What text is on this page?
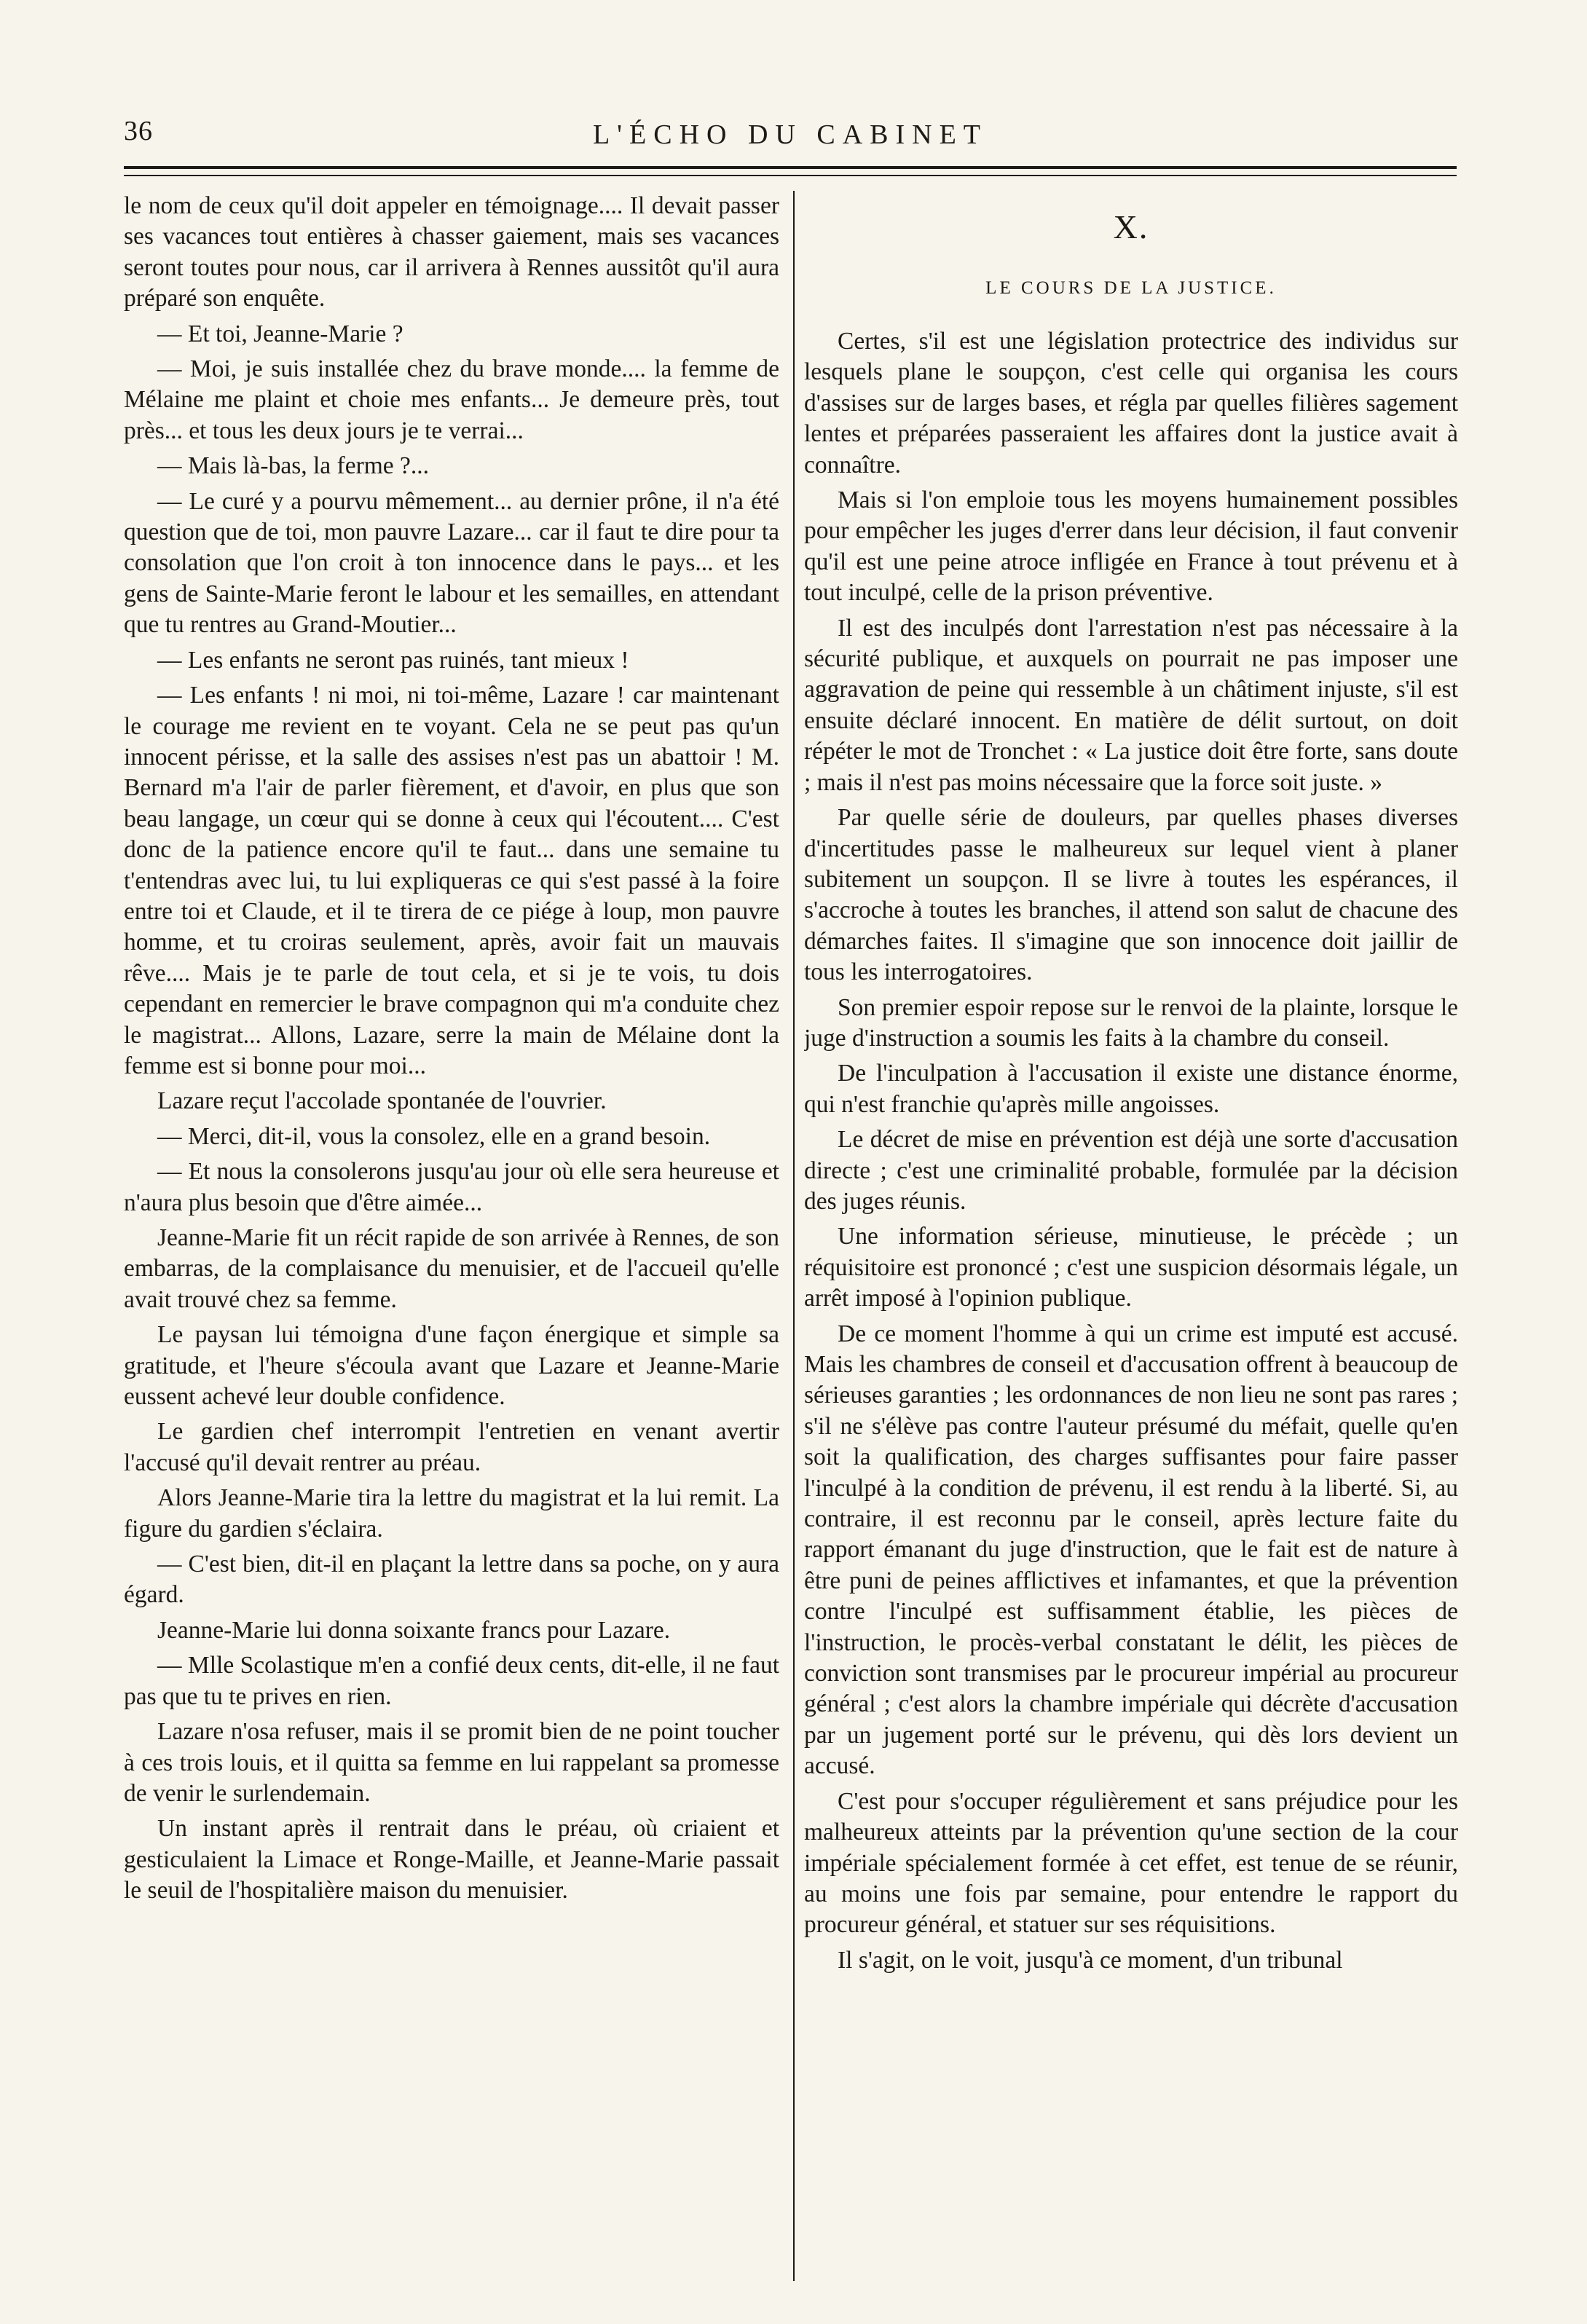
36	L'ÉCHO DU CABINET

le nom de ceux qu'il doit appeler en témoignage.... Il devait passer ses vacances tout entières à chasser gaiement, mais ses vacances seront toutes pour nous, car il arrivera à Rennes aussitôt qu'il aura préparé son enquête.

— Et toi, Jeanne-Marie ?

— Moi, je suis installée chez du brave monde.... la femme de Mélaine me plaint et choie mes enfants... Je demeure près, tout près... et tous les deux jours je te verrai...

— Mais là-bas, la ferme ?...

— Le curé y a pourvu mêmement... au dernier prône, il n'a été question que de toi, mon pauvre Lazare... car il faut te dire pour ta consolation que l'on croit à ton innocence dans le pays... et les gens de Sainte-Marie feront le labour et les semailles, en attendant que tu rentres au Grand-Moutier...

— Les enfants ne seront pas ruinés, tant mieux !

— Les enfants ! ni moi, ni toi-même, Lazare ! car maintenant le courage me revient en te voyant. Cela ne se peut pas qu'un innocent périsse, et la salle des assises n'est pas un abattoir ! M. Bernard m'a l'air de parler fièrement, et d'avoir, en plus que son beau langage, un cœur qui se donne à ceux qui l'écoutent.... C'est donc de la patience encore qu'il te faut... dans une semaine tu t'entendras avec lui, tu lui expliqueras ce qui s'est passé à la foire entre toi et Claude, et il te tirera de ce piége à loup, mon pauvre homme, et tu croiras seulement, après, avoir fait un mauvais rêve.... Mais je te parle de tout cela, et si je te vois, tu dois cependant en remercier le brave compagnon qui m'a conduite chez le magistrat... Allons, Lazare, serre la main de Mélaine dont la femme est si bonne pour moi...

Lazare reçut l'accolade spontanée de l'ouvrier.

— Merci, dit-il, vous la consolez, elle en a grand besoin.

— Et nous la consolerons jusqu'au jour où elle sera heureuse et n'aura plus besoin que d'être aimée...

Jeanne-Marie fit un récit rapide de son arrivée à Rennes, de son embarras, de la complaisance du menuisier, et de l'accueil qu'elle avait trouvé chez sa femme.

Le paysan lui témoigna d'une façon énergique et simple sa gratitude, et l'heure s'écoula avant que Lazare et Jeanne-Marie eussent achevé leur double confidence.

Le gardien chef interrompit l'entretien en venant avertir l'accusé qu'il devait rentrer au préau.

Alors Jeanne-Marie tira la lettre du magistrat et la lui remit. La figure du gardien s'éclaira.

— C'est bien, dit-il en plaçant la lettre dans sa poche, on y aura égard.

Jeanne-Marie lui donna soixante francs pour Lazare.

— Mlle Scolastique m'en a confié deux cents, dit-elle, il ne faut pas que tu te prives en rien.

Lazare n'osa refuser, mais il se promit bien de ne point toucher à ces trois louis, et il quitta sa femme en lui rappelant sa promesse de venir le surlendemain.

Un instant après il rentrait dans le préau, où criaient et gesticulaient la Limace et Ronge-Maille, et Jeanne-Marie passait le seuil de l'hospitalière maison du menuisier.

X.
LE COURS DE LA JUSTICE.

Certes, s'il est une législation protectrice des individus sur lesquels plane le soupçon, c'est celle qui organisa les cours d'assises sur de larges bases, et régla par quelles filières sagement lentes et préparées passeraient les affaires dont la justice avait à connaître.

Mais si l'on emploie tous les moyens humainement possibles pour empêcher les juges d'errer dans leur décision, il faut convenir qu'il est une peine atroce infligée en France à tout prévenu et à tout inculpé, celle de la prison préventive.

Il est des inculpés dont l'arrestation n'est pas nécessaire à la sécurité publique, et auxquels on pourrait ne pas imposer une aggravation de peine qui ressemble à un châtiment injuste, s'il est ensuite déclaré innocent. En matière de délit surtout, on doit répéter le mot de Tronchet : « La justice doit être forte, sans doute ; mais il n'est pas moins nécessaire que la force soit juste. »

Par quelle série de douleurs, par quelles phases diverses d'incertitudes passe le malheureux sur lequel vient à planer subitement un soupçon. Il se livre à toutes les espérances, il s'accroche à toutes les branches, il attend son salut de chacune des démarches faites. Il s'imagine que son innocence doit jaillir de tous les interrogatoires.

Son premier espoir repose sur le renvoi de la plainte, lorsque le juge d'instruction a soumis les faits à la chambre du conseil.

De l'inculpation à l'accusation il existe une distance énorme, qui n'est franchie qu'après mille angoisses.

Le décret de mise en prévention est déjà une sorte d'accusation directe ; c'est une criminalité probable, formulée par la décision des juges réunis.

Une information sérieuse, minutieuse, le précède ; un réquisitoire est prononcé ; c'est une suspicion désormais légale, un arrêt imposé à l'opinion publique.

De ce moment l'homme à qui un crime est imputé est accusé. Mais les chambres de conseil et d'accusation offrent à beaucoup de sérieuses garanties ; les ordonnances de non lieu ne sont pas rares ; s'il ne s'élève pas contre l'auteur présumé du méfait, quelle qu'en soit la qualification, des charges suffisantes pour faire passer l'inculpé à la condition de prévenu, il est rendu à la liberté. Si, au contraire, il est reconnu par le conseil, après lecture faite du rapport émanant du juge d'instruction, que le fait est de nature à être puni de peines afflictives et infamantes, et que la prévention contre l'inculpé est suffisamment établie, les pièces de l'instruction, le procès-verbal constatant le délit, les pièces de conviction sont transmises par le procureur impérial au procureur général ; c'est alors la chambre impériale qui décrète d'accusation par un jugement porté sur le prévenu, qui dès lors devient un accusé.

C'est pour s'occuper régulièrement et sans préjudice pour les malheureux atteints par la prévention qu'une section de la cour impériale spécialement formée à cet effet, est tenue de se réunir, au moins une fois par semaine, pour entendre le rapport du procureur général, et statuer sur ses réquisitions.

Il s'agit, on le voit, jusqu'à ce moment, d'un tribunal
